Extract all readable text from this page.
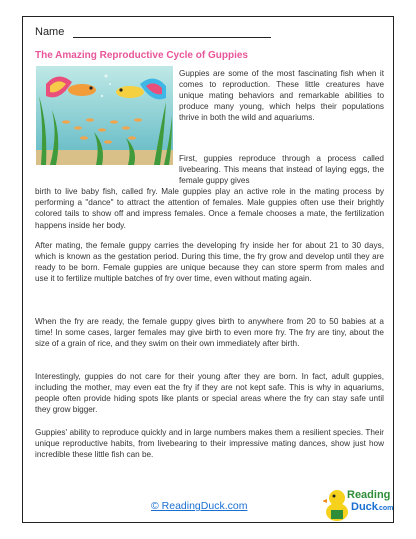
Name
The Amazing Reproductive Cycle of Guppies

Guppies are some of the most fascinating fish when it comes to reproduction. These little creatures have unique mating behaviors and remarkable abilities to produce many young, which helps their populations thrive in both the wild and aquariums.

First, guppies reproduce through a process called livebearing. This means that instead of laying eggs, the female guppy gives
birth to live baby fish, called fry. Male guppies play an active role in the mating process by performing a "dance" to attract the attention of females. Male guppies often use their brightly colored tails to show off and impress females. Once a female chooses a mate, the fertilization happens inside her body.

After mating, the female guppy carries the developing fry inside her for about 21 to 30 days, which is known as the gestation period. During this time, the fry grow and develop until they are ready to be born. Female guppies are unique because they can store sperm from males and use it to fertilize multiple batches of fry over time, even without mating again.

When the fry are ready, the female guppy gives birth to anywhere from 20 to 50 babies at a time! In some cases, larger females may give birth to even more fry. The fry are tiny, about the size of a grain of rice, and they swim on their own immediately after birth.

Interestingly, guppies do not care for their young after they are born. In fact, adult guppies, including the mother, may even eat the fry if they are not kept safe. This is why in aquariums, people often provide hiding spots like plants or special areas where the fry can stay safe until they grow bigger.

Guppies' ability to reproduce quickly and in large numbers makes them a resilient species. Their unique reproductive habits, from livebearing to their impressive mating dances, show just how incredible these little fish can be.

© ReadingDuck.com
Reading
Duck .com
